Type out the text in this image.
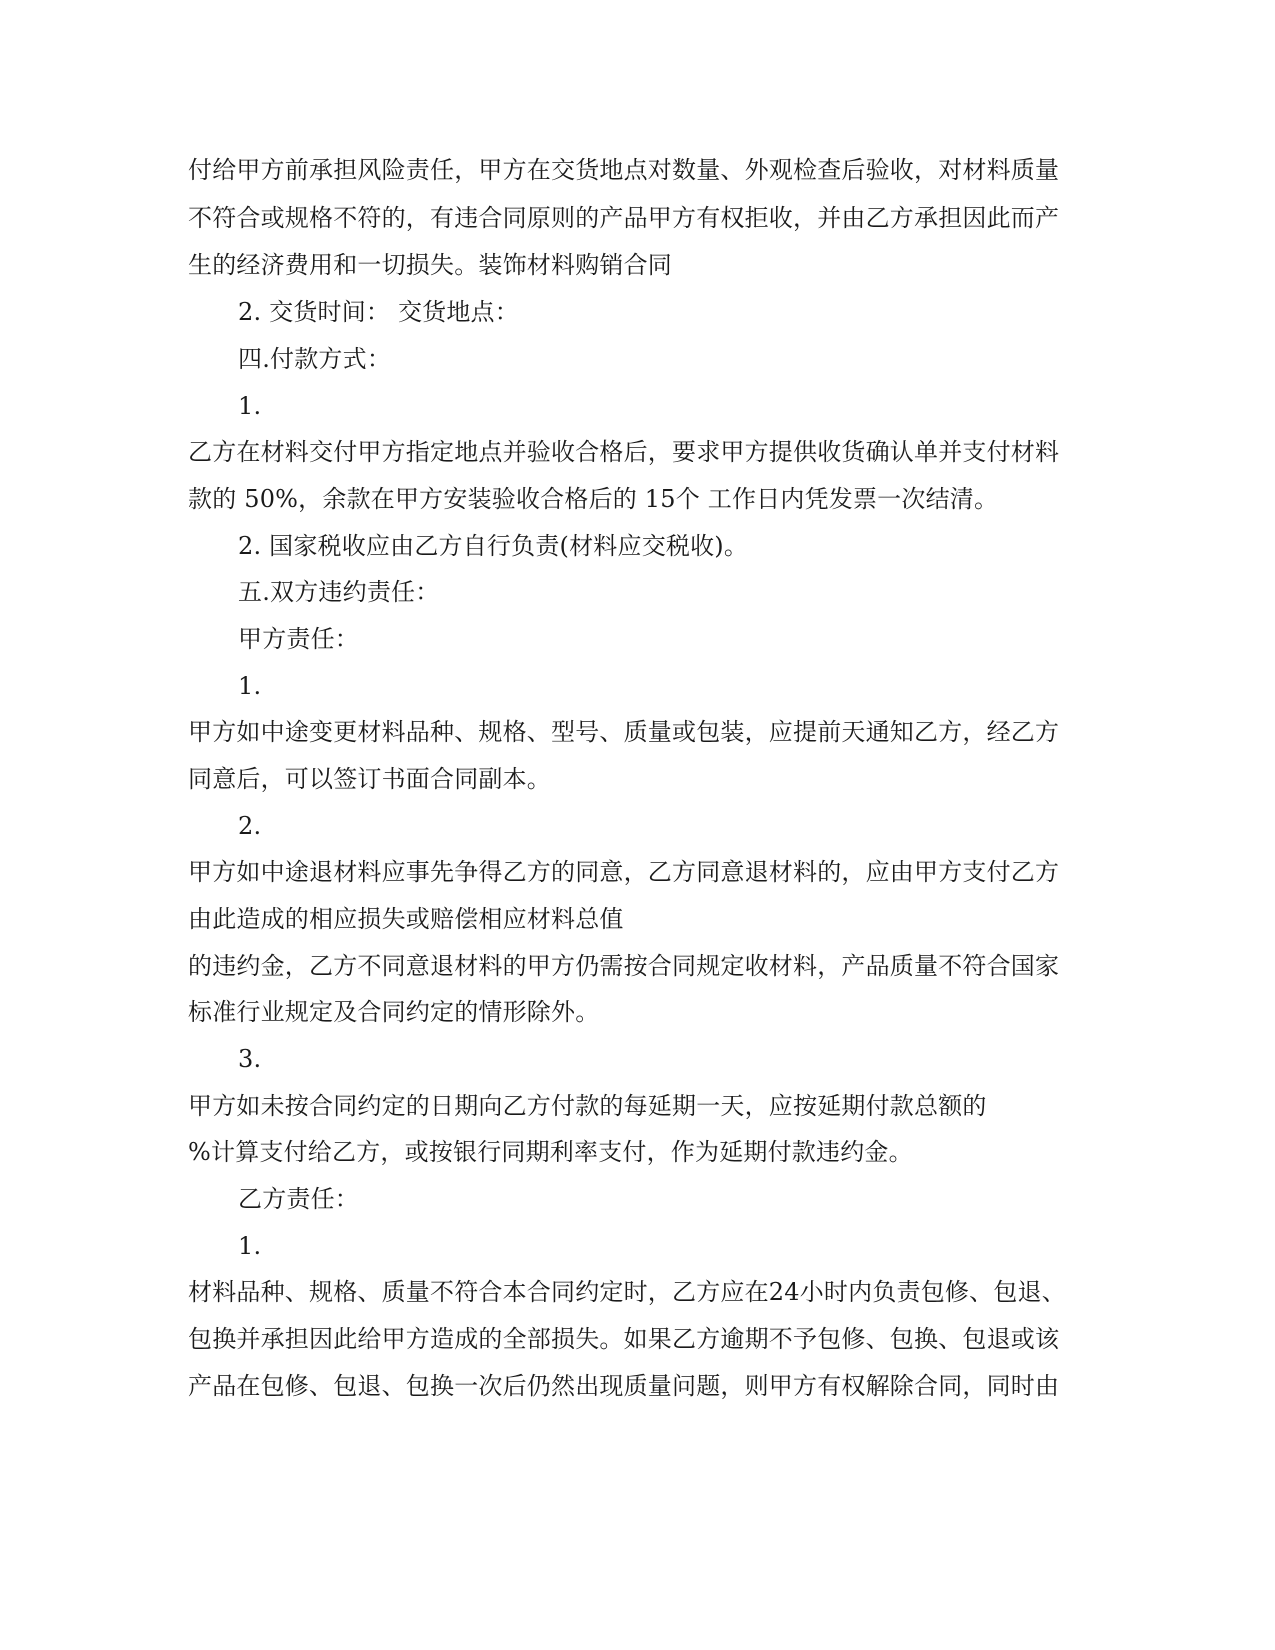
付给甲方前承担风险责任，甲方在交货地点对数量、外观检查后验收，对材料质量
不符合或规格不符的，有违合同原则的产品甲方有权拒收，并由乙方承担因此而产
生的经济费用和一切损失。装饰材料购销合同
2. 交货时间： 交货地点：
四.付款方式：
1.
乙方在材料交付甲方指定地点并验收合格后，要求甲方提供收货确认单并支付材料
款的 50%，余款在甲方安装验收合格后的 15个 工作日内凭发票一次结清。
2. 国家税收应由乙方自行负责(材料应交税收)。
五.双方违约责任：
甲方责任：
1.
甲方如中途变更材料品种、规格、型号、质量或包装，应提前天通知乙方，经乙方
同意后，可以签订书面合同副本。
2.
甲方如中途退材料应事先争得乙方的同意，乙方同意退材料的，应由甲方支付乙方
由此造成的相应损失或赔偿相应材料总值
的违约金，乙方不同意退材料的甲方仍需按合同规定收材料，产品质量不符合国家
标准行业规定及合同约定的情形除外。
3.
甲方如未按合同约定的日期向乙方付款的每延期一天，应按延期付款总额的
%计算支付给乙方，或按银行同期利率支付，作为延期付款违约金。
乙方责任：
1.
材料品种、规格、质量不符合本合同约定时，乙方应在24小时内负责包修、包退、
包换并承担因此给甲方造成的全部损失。如果乙方逾期不予包修、包换、包退或该
产品在包修、包退、包换一次后仍然出现质量问题，则甲方有权解除合同，同时由
